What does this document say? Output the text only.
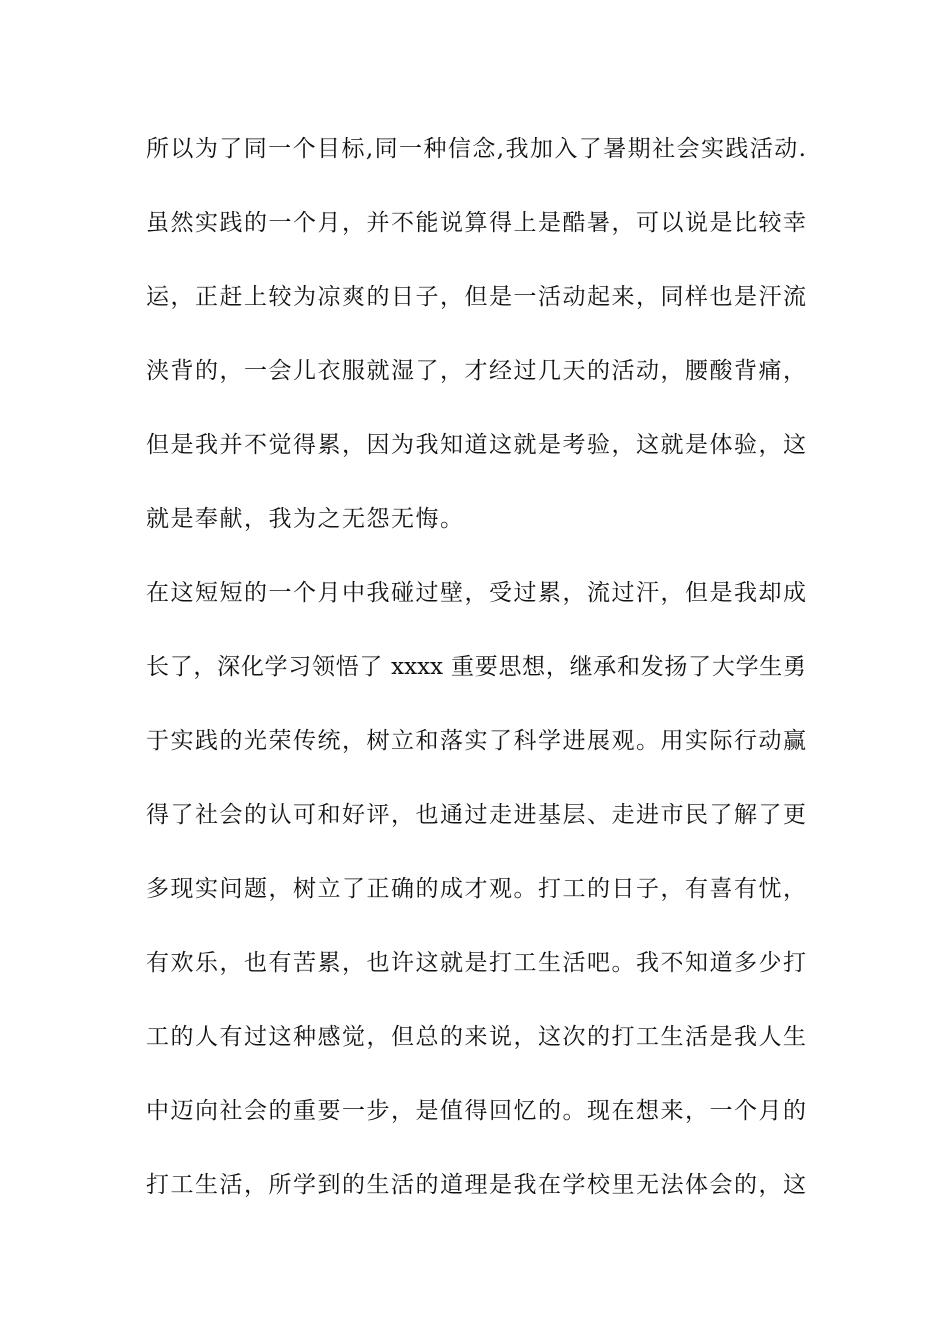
所以为了同一个目标,同一种信念,我加入了暑期社会实践活动.
虽然实践的一个月，并不能说算得上是酷暑，可以说是比较幸
运，正赶上较为凉爽的日子，但是一活动起来，同样也是汗流
浃背的，一会儿衣服就湿了，才经过几天的活动，腰酸背痛，
但是我并不觉得累，因为我知道这就是考验，这就是体验，这
就是奉献，我为之无怨无悔。
在这短短的一个月中我碰过壁，受过累，流过汗，但是我却成
长了，深化学习领悟了 xxxx 重要思想，继承和发扬了大学生勇
于实践的光荣传统，树立和落实了科学进展观。用实际行动赢
得了社会的认可和好评，也通过走进基层、走进市民了解了更
多现实问题，树立了正确的成才观。打工的日子，有喜有忧，
有欢乐，也有苦累，也许这就是打工生活吧。我不知道多少打
工的人有过这种感觉，但总的来说，这次的打工生活是我人生
中迈向社会的重要一步，是值得回忆的。现在想来，一个月的
打工生活，所学到的生活的道理是我在学校里无法体会的，这
